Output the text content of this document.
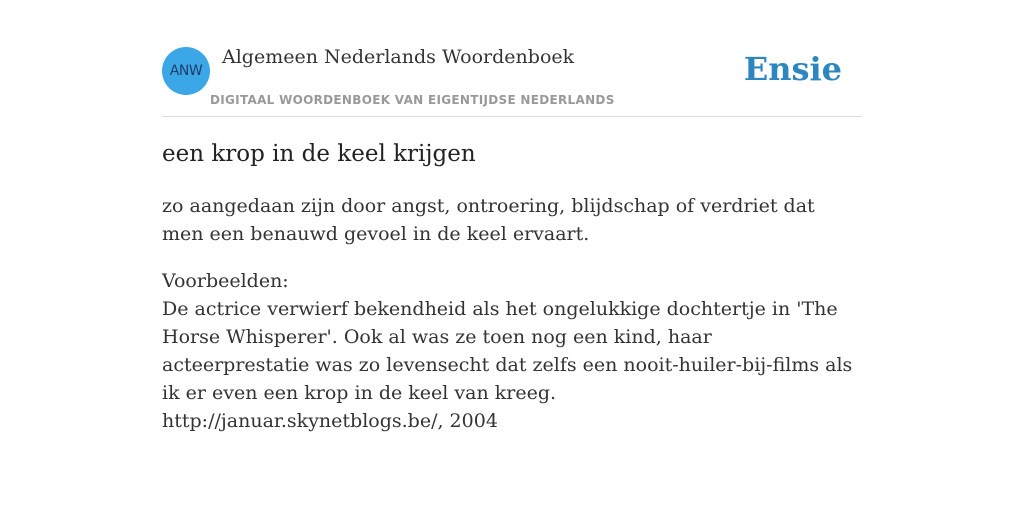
ANW
Algemeen Nederlands Woordenboek
DIGITAAL WOORDENBOEK VAN EIGENTIJDSE NEDERLANDS
Ensie
een krop in de keel krijgen
zo aangedaan zijn door angst, ontroering, blijdschap of verdriet dat men een benauwd gevoel in de keel ervaart.
Voorbeelden:
De actrice verwierf bekendheid als het ongelukkige dochtertje in 'The Horse Whisperer'. Ook al was ze toen nog een kind, haar acteerprestatie was zo levensecht dat zelfs een nooit-huiler-bij-films als ik er even een krop in de keel van kreeg.
http://januar.skynetblogs.be/, 2004
